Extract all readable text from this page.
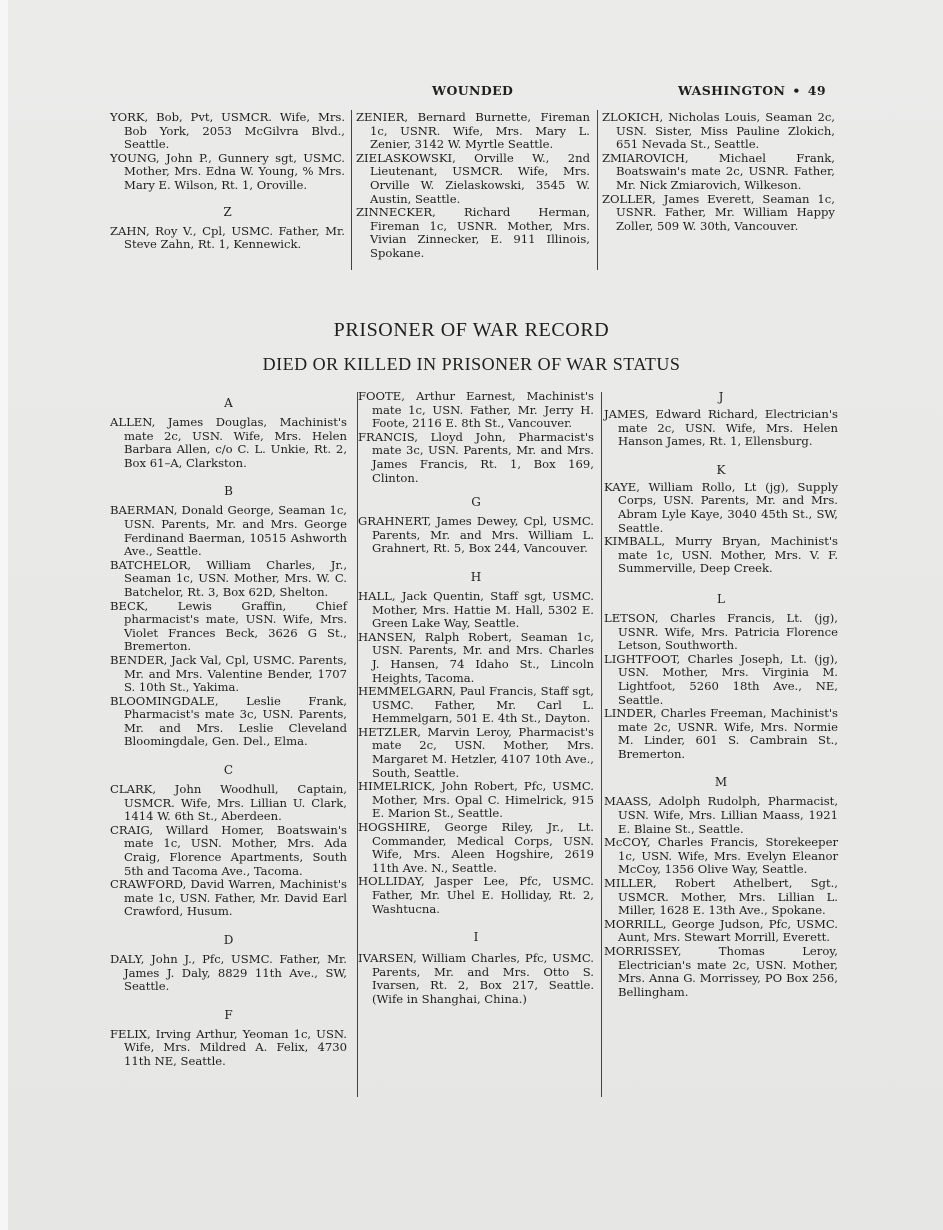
WOUNDED	WASHINGTON • 49

YORK, Bob, Pvt, USMCR. Wife, Mrs. Bob York, 2053 McGilvra Blvd., Seattle.

YOUNG, John P., Gunnery sgt, USMC. Mother, Mrs. Edna W. Young, % Mrs. Mary E. Wilson, Rt. 1, Oroville.

Z

ZAHN, Roy V., Cpl, USMC. Father, Mr. Steve Zahn, Rt. 1, Kennewick.

ZENIER, Bernard Burnette, Fireman 1c, USNR. Wife, Mrs. Mary L. Zenier, 3142 W. Myrtle Seattle.

ZIELASKOWSKI, Orville W., 2nd Lieutenant, USMCR. Wife, Mrs. Orville W. Zielaskowski, 3545 W. Austin, Seattle.

ZINNECKER, Richard Herman, Fireman 1c, USNR. Mother, Mrs. Vivian Zinnecker, E. 911 Illinois, Spokane.

ZLOKICH, Nicholas Louis, Seaman 2c, USN. Sister, Miss Pauline Zlokich, 651 Nevada St., Seattle.

ZMIAROVICH, Michael Frank, Boatswain's mate 2c, USNR. Father, Mr. Nick Zmiarovich, Wilkeson.

ZOLLER, James Everett, Seaman 1c, USNR. Father, Mr. William Happy Zoller, 509 W. 30th, Vancouver.

PRISONER OF WAR RECORD
DIED OR KILLED IN PRISONER OF WAR STATUS

A

ALLEN, James Douglas, Machinist's mate 2c, USN. Wife, Mrs. Helen Barbara Allen, c/o C. L. Unkie, Rt. 2, Box 61–A, Clarkston.

B

BAERMAN, Donald George, Seaman 1c, USN. Parents, Mr. and Mrs. George Ferdinand Baerman, 10515 Ashworth Ave., Seattle.

BATCHELOR, William Charles, Jr., Seaman 1c, USN. Mother, Mrs. W. C. Batchelor, Rt. 3, Box 62D, Shelton.

BECK, Lewis Graffin, Chief pharmacist's mate, USN. Wife, Mrs. Violet Frances Beck, 3626 G St., Bremerton.

BENDER, Jack Val, Cpl, USMC. Parents, Mr. and Mrs. Valentine Bender, 1707 S. 10th St., Yakima.

BLOOMINGDALE, Leslie Frank, Pharmacist's mate 3c, USN. Parents, Mr. and Mrs. Leslie Cleveland Bloomingdale, Gen. Del., Elma.

C

CLARK, John Woodhull, Captain, USMCR. Wife, Mrs. Lillian U. Clark, 1414 W. 6th St., Aberdeen.

CRAIG, Willard Homer, Boatswain's mate 1c, USN. Mother, Mrs. Ada Craig, Florence Apartments, South 5th and Tacoma Ave., Tacoma.

CRAWFORD, David Warren, Machinist's mate 1c, USN. Father, Mr. David Earl Crawford, Husum.

D

DALY, John J., Pfc, USMC. Father, Mr. James J. Daly, 8829 11th Ave., SW, Seattle.

F

FELIX, Irving Arthur, Yeoman 1c, USN. Wife, Mrs. Mildred A. Felix, 4730 11th NE, Seattle.

FOOTE, Arthur Earnest, Machinist's mate 1c, USN. Father, Mr. Jerry H. Foote, 2116 E. 8th St., Vancouver.

FRANCIS, Lloyd John, Pharmacist's mate 3c, USN. Parents, Mr. and Mrs. James Francis, Rt. 1, Box 169, Clinton.

G

GRAHNERT, James Dewey, Cpl, USMC. Parents, Mr. and Mrs. William L. Grahnert, Rt. 5, Box 244, Vancouver.

H

HALL, Jack Quentin, Staff sgt, USMC. Mother, Mrs. Hattie M. Hall, 5302 E. Green Lake Way, Seattle.

HANSEN, Ralph Robert, Seaman 1c, USN. Parents, Mr. and Mrs. Charles J. Hansen, 74 Idaho St., Lincoln Heights, Tacoma.

HEMMELGARN, Paul Francis, Staff sgt, USMC. Father, Mr. Carl L. Hemmelgarn, 501 E. 4th St., Dayton.

HETZLER, Marvin Leroy, Pharmacist's mate 2c, USN. Mother, Mrs. Margaret M. Hetzler, 4107 10th Ave., South, Seattle.

HIMELRICK, John Robert, Pfc, USMC. Mother, Mrs. Opal C. Himelrick, 915 E. Marion St., Seattle.

HOGSHIRE, George Riley, Jr., Lt. Commander, Medical Corps, USN. Wife, Mrs. Aleen Hogshire, 2619 11th Ave. N., Seattle.

HOLLIDAY, Jasper Lee, Pfc, USMC. Father, Mr. Uhel E. Holliday, Rt. 2, Washtucna.

I

IVARSEN, William Charles, Pfc, USMC. Parents, Mr. and Mrs. Otto S. Ivarsen, Rt. 2, Box 217, Seattle. (Wife in Shanghai, China.)

J

JAMES, Edward Richard, Electrician's mate 2c, USN. Wife, Mrs. Helen Hanson James, Rt. 1, Ellensburg.

K

KAYE, William Rollo, Lt (jg), Supply Corps, USN. Parents, Mr. and Mrs. Abram Lyle Kaye, 3040 45th St., SW, Seattle.

KIMBALL, Murry Bryan, Machinist's mate 1c, USN. Mother, Mrs. V. F. Summerville, Deep Creek.

L

LETSON, Charles Francis, Lt. (jg), USNR. Wife, Mrs. Patricia Florence Letson, Southworth.

LIGHTFOOT, Charles Joseph, Lt. (jg), USN. Mother, Mrs. Virginia M. Lightfoot, 5260 18th Ave., NE, Seattle.

LINDER, Charles Freeman, Machinist's mate 2c, USNR. Wife, Mrs. Normie M. Linder, 601 S. Cambrain St., Bremerton.

M

MAASS, Adolph Rudolph, Pharmacist, USN. Wife, Mrs. Lillian Maass, 1921 E. Blaine St., Seattle.

McCOY, Charles Francis, Storekeeper 1c, USN. Wife, Mrs. Evelyn Eleanor McCoy, 1356 Olive Way, Seattle.

MILLER, Robert Athelbert, Sgt., USMCR. Mother, Mrs. Lillian L. Miller, 1628 E. 13th Ave., Spokane.

MORRILL, George Judson, Pfc, USMC. Aunt, Mrs. Stewart Morrill, Everett.

MORRISSEY, Thomas Leroy, Electrician's mate 2c, USN. Mother, Mrs. Anna G. Morrissey, PO Box 256, Bellingham.
